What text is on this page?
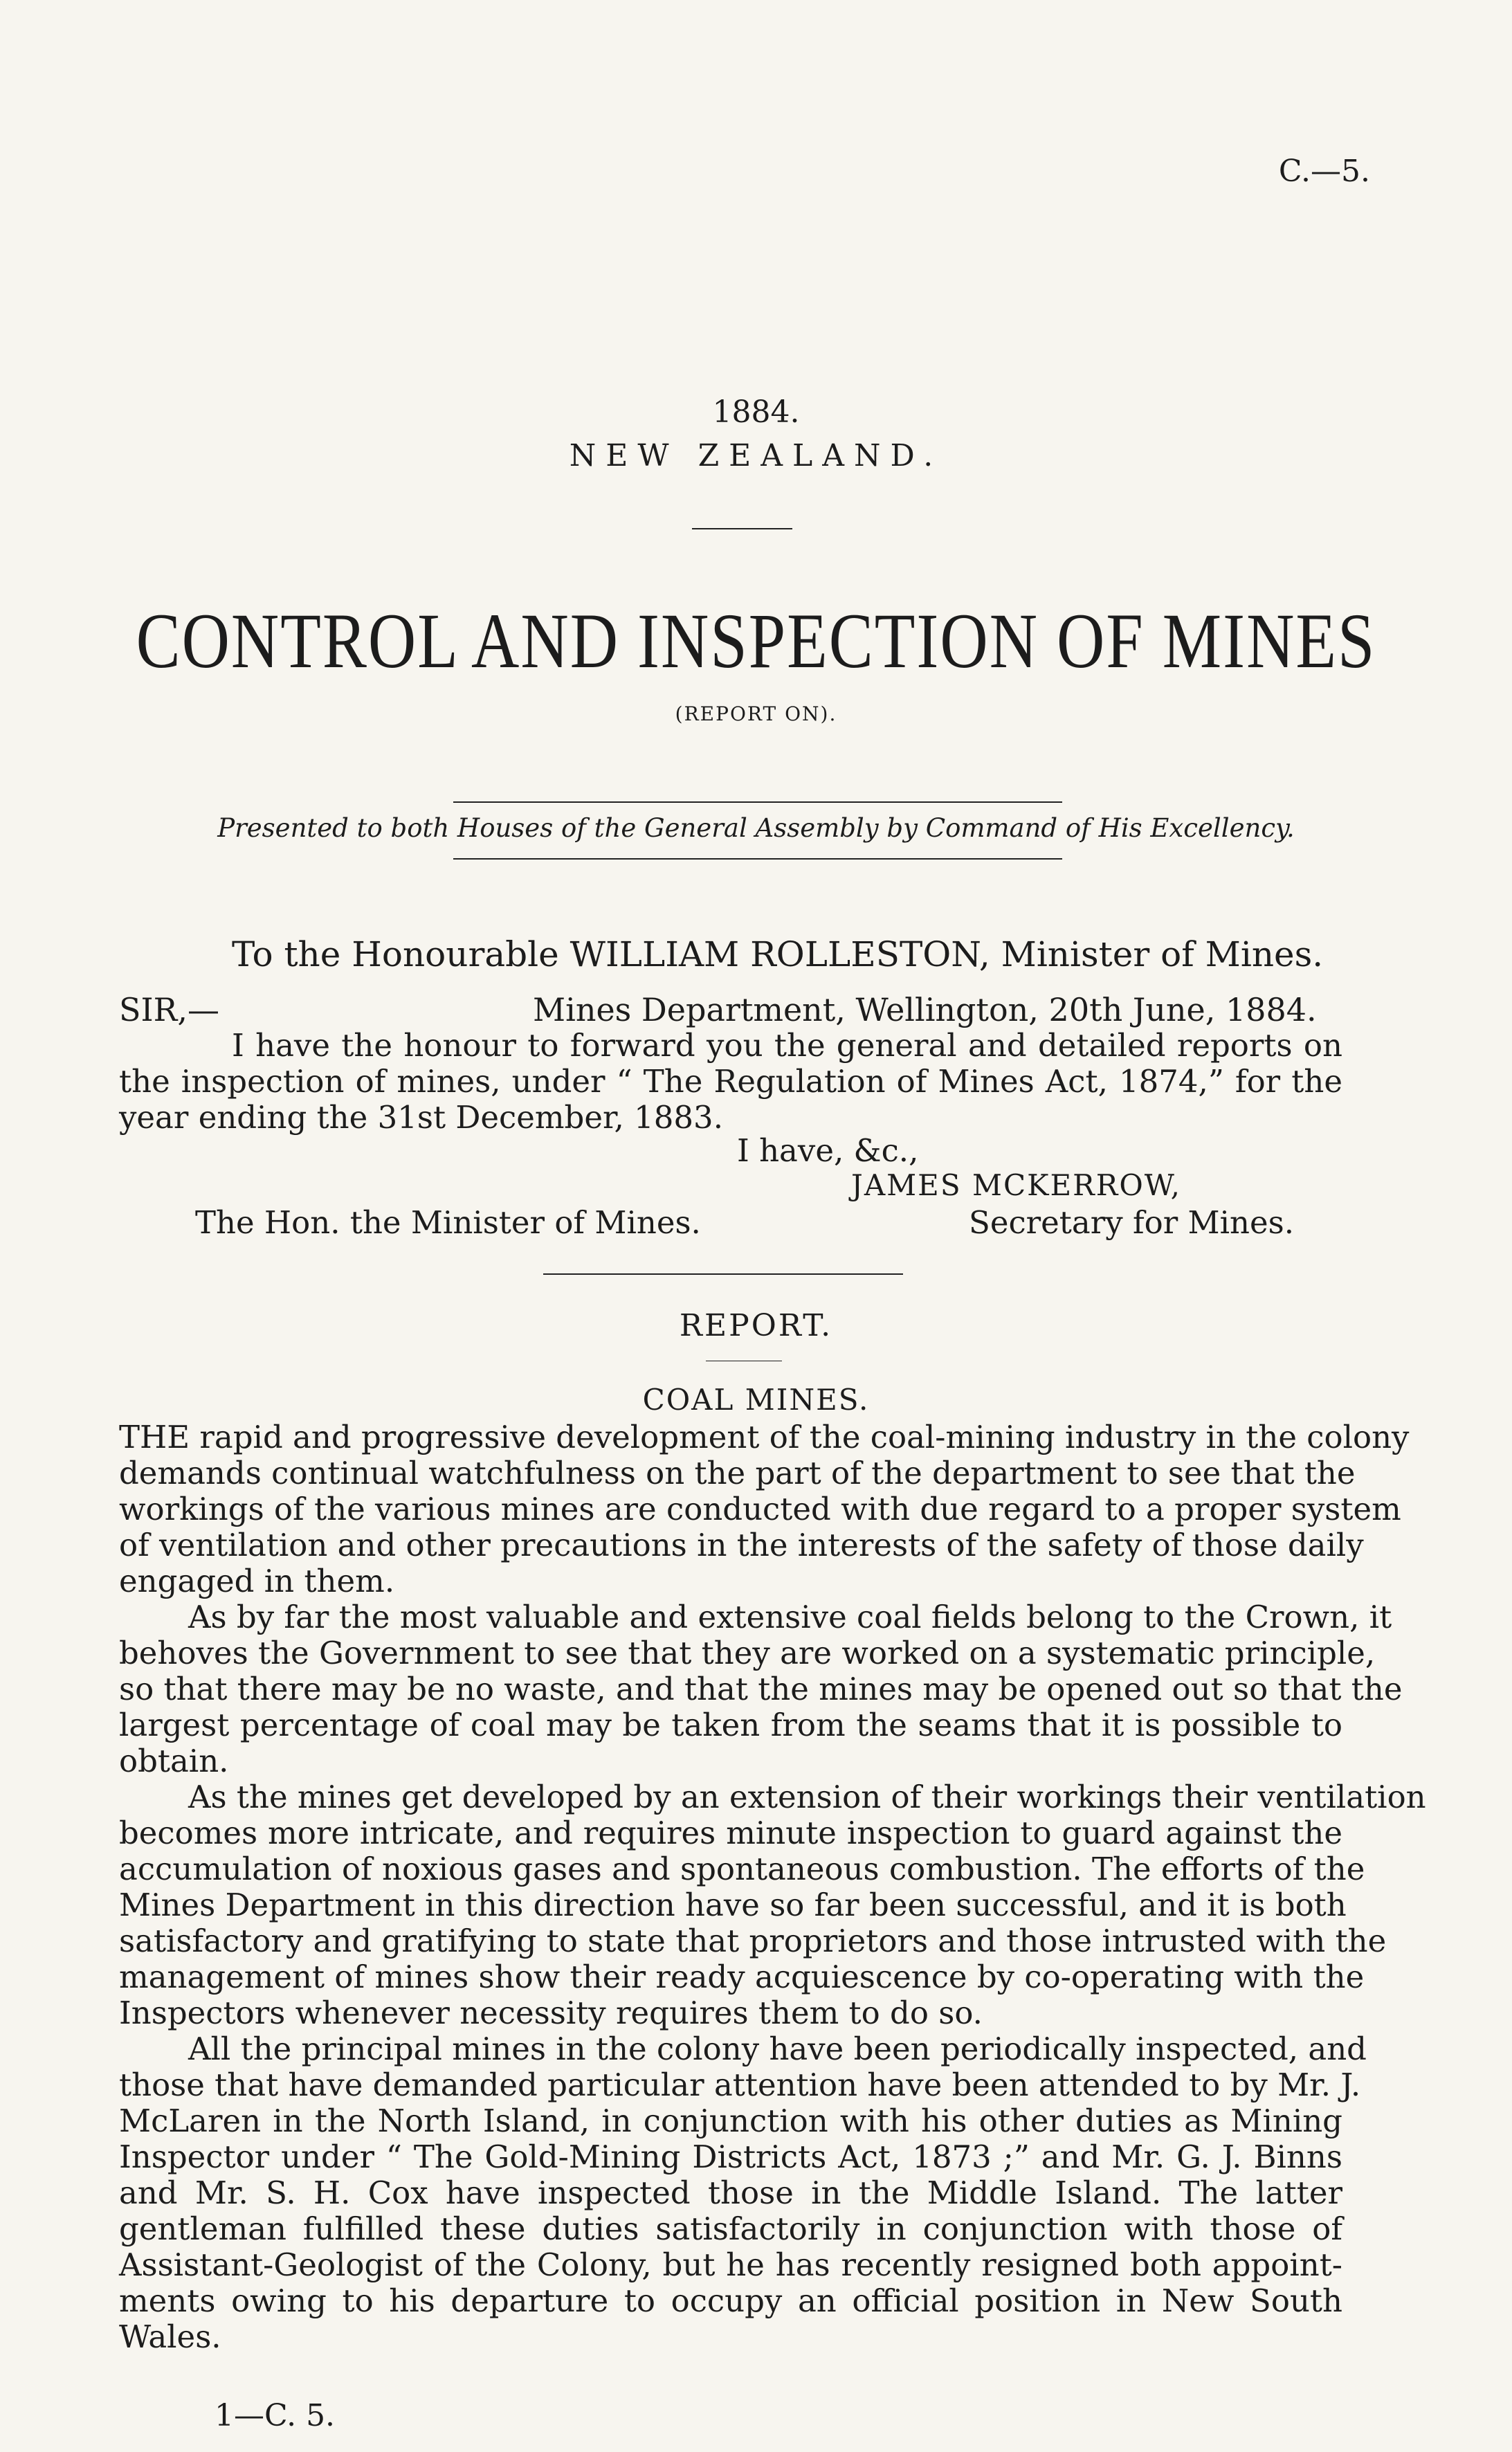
C.—5.
1884.
NEW ZEALAND.
CONTROL AND INSPECTION OF MINES
(REPORT ON).
Presented to both Houses of the General Assembly by Command of His Excellency.
To the Honourable WILLIAM ROLLESTON, Minister of Mines.
SIR,—	Mines Department, Wellington, 20th June, 1884.
I have the honour to forward you the general and detailed reports on
the inspection of mines, under “ The Regulation of Mines Act, 1874,” for the
year ending the 31st December, 1883.
I have, &c.,
JAMES MCKERROW,
The Hon. the Minister of Mines.	Secretary for Mines.
REPORT.
COAL MINES.
THE rapid and progressive development of the coal-mining industry in the colony
demands continual watchfulness on the part of the department to see that the
workings of the various mines are conducted with due regard to a proper system
of ventilation and other precautions in the interests of the safety of those daily
engaged in them.
As by far the most valuable and extensive coal fields belong to the Crown, it
behoves the Government to see that they are worked on a systematic principle,
so that there may be no waste, and that the mines may be opened out so that the
largest percentage of coal may be taken from the seams that it is possible to
obtain.
As the mines get developed by an extension of their workings their ventilation
becomes more intricate, and requires minute inspection to guard against the
accumulation of noxious gases and spontaneous combustion. The efforts of the
Mines Department in this direction have so far been successful, and it is both
satisfactory and gratifying to state that proprietors and those intrusted with the
management of mines show their ready acquiescence by co-operating with the
Inspectors whenever necessity requires them to do so.
All the principal mines in the colony have been periodically inspected, and
those that have demanded particular attention have been attended to by Mr. J.
McLaren in the North Island, in conjunction with his other duties as Mining
Inspector under “ The Gold-Mining Districts Act, 1873 ;” and Mr. G. J. Binns
and Mr. S. H. Cox have inspected those in the Middle Island. The latter
gentleman fulfilled these duties satisfactorily in conjunction with those of
Assistant-Geologist of the Colony, but he has recently resigned both appoint-
ments owing to his departure to occupy an official position in New South
Wales.
1—C. 5.
